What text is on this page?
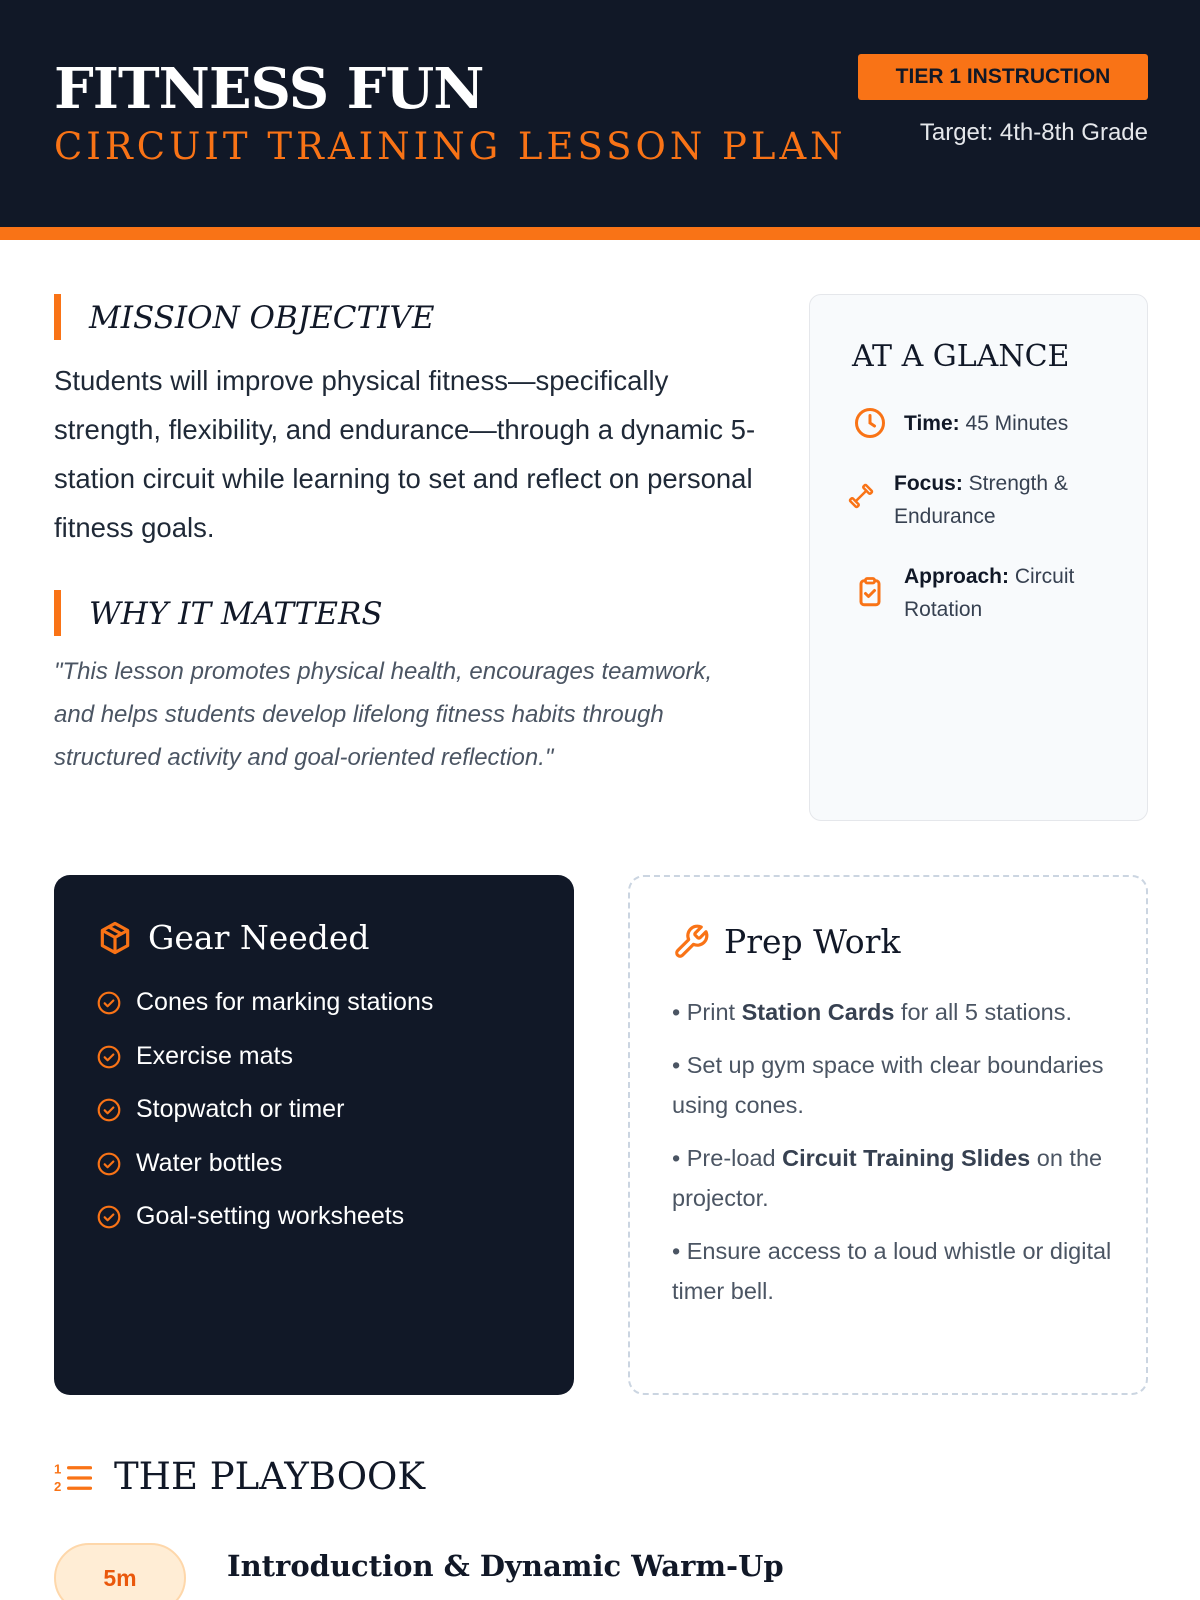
FITNESS FUN
CIRCUIT TRAINING LESSON PLAN
TIER 1 INSTRUCTION
Target: 4th-8th Grade
MISSION OBJECTIVE

Students will improve physical fitness—specifically strength, flexibility, and endurance—through a dynamic 5-station circuit while learning to set and reflect on personal fitness goals.

WHY IT MATTERS

"This lesson promotes physical health, encourages teamwork, and helps students develop lifelong fitness habits through structured activity and goal-oriented reflection."

AT A GLANCE
Time: 45 Minutes
Focus: Strength & Endurance
Approach: Circuit Rotation
Gear Needed
Cones for marking stations
Exercise mats
Stopwatch or timer
Water bottles
Goal-setting worksheets
Prep Work
• Print Station Cards for all 5 stations.
• Set up gym space with clear boundaries using cones.
• Pre-load Circuit Training Slides on the projector.
• Ensure access to a loud whistle or digital timer bell.
1
2 THE PLAYBOOK
5m	Introduction & Dynamic Warm-Up
